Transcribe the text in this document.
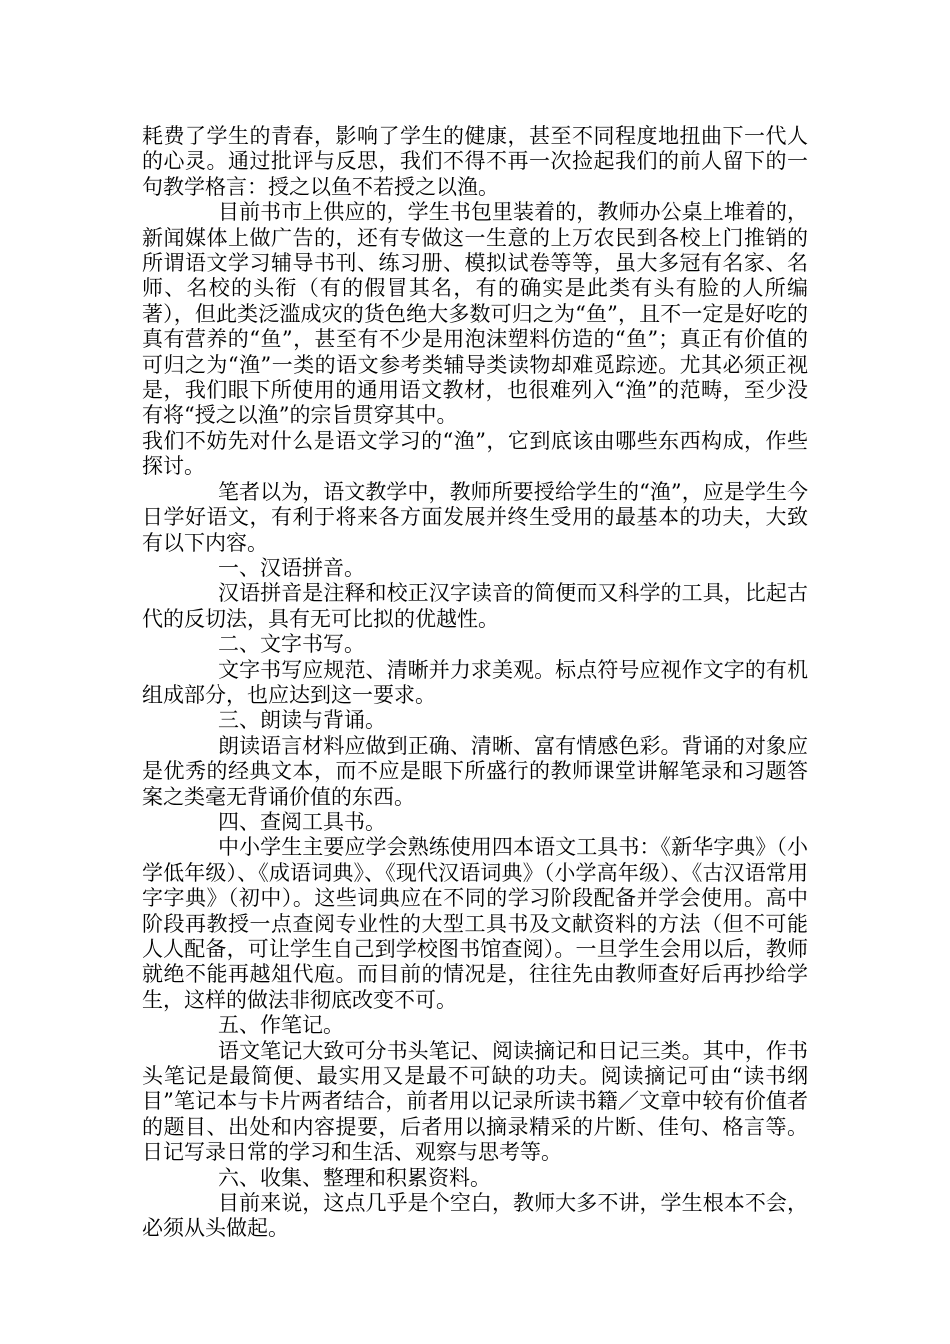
耗费了学生的青春，影响了学生的健康，甚至不同程度地扭曲下一代人的心灵。通过批评与反思，我们不得不再一次捡起我们的前人留下的一句教学格言：授之以鱼不若授之以渔。

目前书市上供应的，学生书包里装着的，教师办公桌上堆着的，新闻媒体上做广告的，还有专做这一生意的上万农民到各校上门推销的所谓语文学习辅导书刊、练习册、模拟试卷等等，虽大多冠有名家、名师、名校的头衔（有的假冒其名，有的确实是此类有头有脸的人所编著），但此类泛滥成灾的货色绝大多数可归之为“鱼”，且不一定是好吃的真有营养的“鱼”，甚至有不少是用泡沫塑料仿造的“鱼”；真正有价值的可归之为“渔”一类的语文参考类辅导类读物却难觅踪迹。尤其必须正视是，我们眼下所使用的通用语文教材，也很难列入“渔”的范畴，至少没有将“授之以渔”的宗旨贯穿其中。

我们不妨先对什么是语文学习的“渔”，它到底该由哪些东西构成，作些探讨。

笔者以为，语文教学中，教师所要授给学生的“渔”，应是学生今日学好语文，有利于将来各方面发展并终生受用的最基本的功夫，大致有以下内容。

一、汉语拼音。

汉语拼音是注释和校正汉字读音的简便而又科学的工具，比起古代的反切法，具有无可比拟的优越性。

二、文字书写。

文字书写应规范、清晰并力求美观。标点符号应视作文字的有机组成部分，也应达到这一要求。

三、朗读与背诵。

朗读语言材料应做到正确、清晰、富有情感色彩。背诵的对象应是优秀的经典文本，而不应是眼下所盛行的教师课堂讲解笔录和习题答案之类毫无背诵价值的东西。

四、查阅工具书。

中小学生主要应学会熟练使用四本语文工具书：《新华字典》（小学低年级）、《成语词典》、《现代汉语词典》（小学高年级）、《古汉语常用字字典》（初中）。这些词典应在不同的学习阶段配备并学会使用。高中阶段再教授一点查阅专业性的大型工具书及文献资料的方法（但不可能人人配备，可让学生自己到学校图书馆查阅）。一旦学生会用以后，教师就绝不能再越俎代庖。而目前的情况是，往往先由教师查好后再抄给学生，这样的做法非彻底改变不可。

五、作笔记。

语文笔记大致可分书头笔记、阅读摘记和日记三类。其中，作书头笔记是最简便、最实用又是最不可缺的功夫。阅读摘记可由“读书纲目”笔记本与卡片两者结合，前者用以记录所读书籍／文章中较有价值者的题目、出处和内容提要，后者用以摘录精采的片断、佳句、格言等。日记写录日常的学习和生活、观察与思考等。

六、收集、整理和积累资料。

目前来说，这点几乎是个空白，教师大多不讲，学生根本不会，必须从头做起。
